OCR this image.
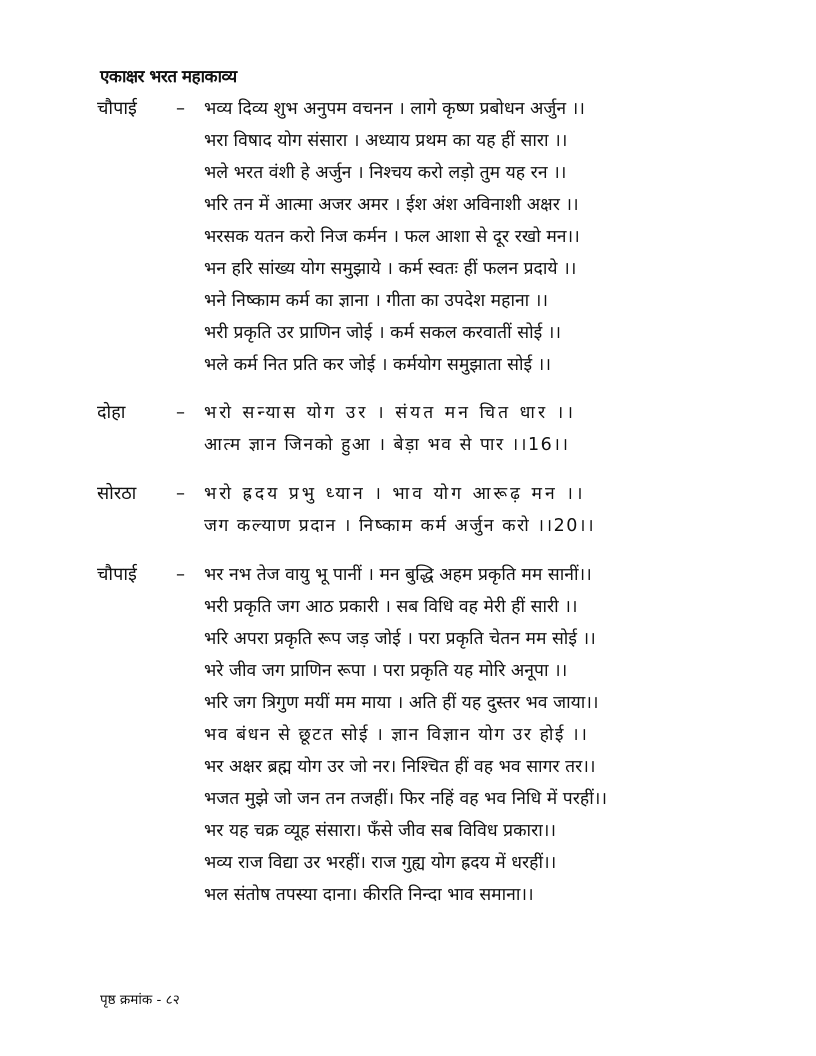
एकाक्षर भरत महाकाव्य
चौपाई – भव्य दिव्य शुभ अनुपम वचनन । लागे कृष्ण प्रबोधन अर्जुन ।।
भरा विषाद योग संसारा । अध्याय प्रथम का यह हीं सारा ।।
भले भरत वंशी हे अर्जुन । निश्चय करो लड़ो तुम यह रन ।।
भरि तन में आत्मा अजर अमर । ईश अंश अविनाशी अक्षर ।।
भरसक यतन करो निज कर्मन । फल आशा से दूर रखो मन।।
भन हरि सांख्य योग समुझाये । कर्म स्वतः हीं फलन प्रदाये ।।
भने निष्काम कर्म का ज्ञाना । गीता का उपदेश महाना ।।
भरी प्रकृति उर प्राणिन जोई । कर्म सकल करवातीं सोई ।।
भले कर्म नित प्रति कर जोई । कर्मयोग समुझाता सोई ।।
दोहा	– भरो सन्यास योग उर । संयत मन चित धार ।।
आत्म ज्ञान जिनको हुआ । बेड़ा भव से पार ।।16।।
सोरठा – भरो ह्रदय प्रभु ध्यान । भाव योग आरूढ़ मन ।।
जग कल्याण प्रदान । निष्काम कर्म अर्जुन करो ।।20।।
चौपाई – भर नभ तेज वायु भू पानीं । मन बुद्धि अहम प्रकृति मम सानीं।।
भरी प्रकृति जग आठ प्रकारी । सब विधि वह मेरी हीं सारी ।।
भरि अपरा प्रकृति रूप जड़ जोई । परा प्रकृति चेतन मम सोई ।।
भरे जीव जग प्राणिन रूपा । परा प्रकृति यह मोरि अनूपा ।।
भरि जग त्रिगुण मयीं मम माया । अति हीं यह दुस्तर भव जाया।।
भव बंधन से छूटत सोई । ज्ञान विज्ञान योग उर होई ।।
भर अक्षर ब्रह्म योग उर जो नर। निश्चित हीं वह भव सागर तर।।
भजत मुझे जो जन तन तजहीं। फिर नहिं वह भव निधि में परहीं।।
भर यह चक्र व्यूह संसारा। फँसे जीव सब विविध प्रकारा।।
भव्य राज विद्या उर भरहीं। राज गुह्य योग ह्रदय में धरहीं।।
भल संतोष तपस्या दाना। कीरति निन्दा भाव समाना।।
पृष्ठ क्रमांक - ८२
